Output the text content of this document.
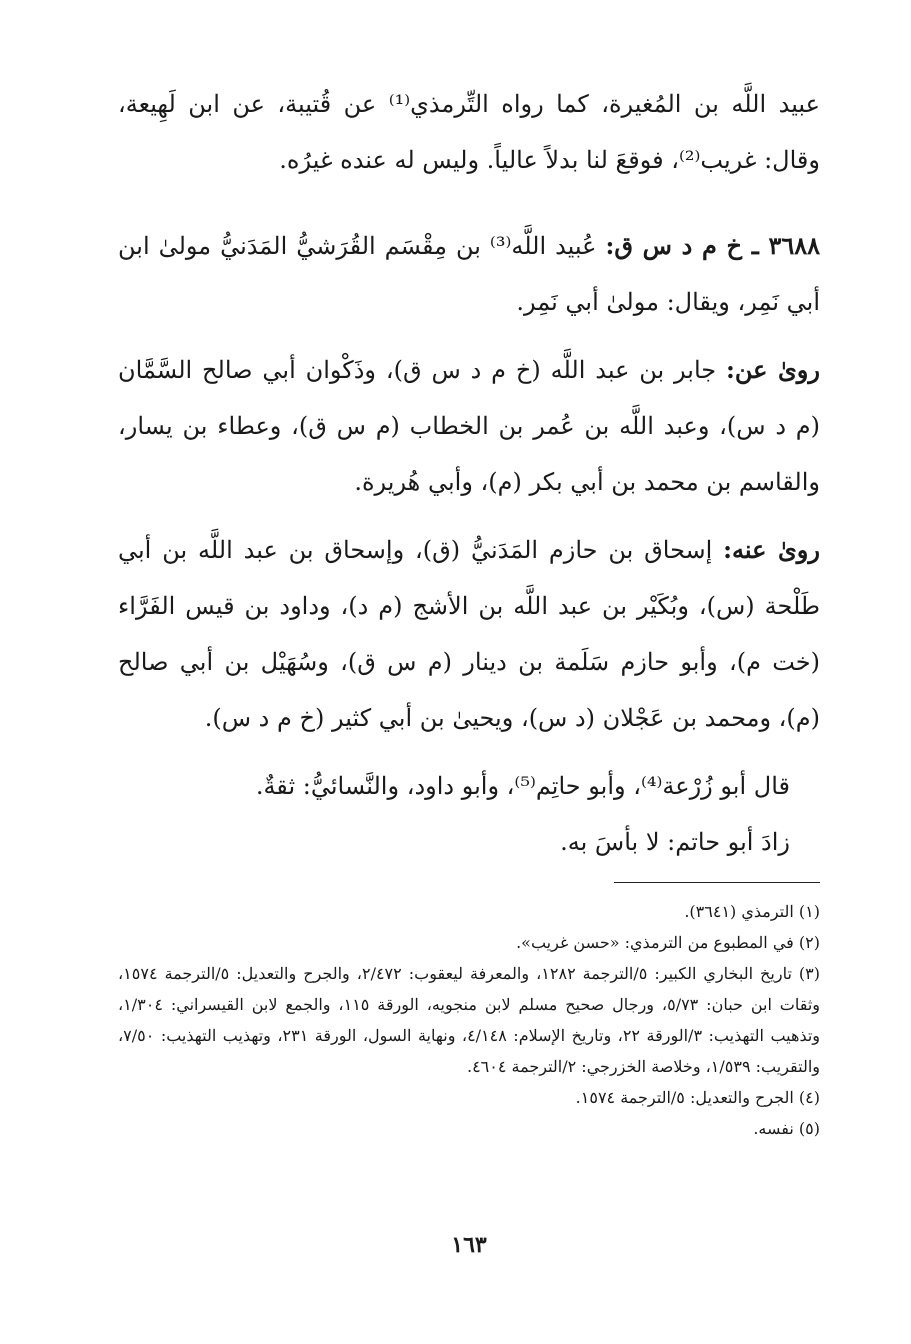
عبيد اللَّه بن المُغيرة، كما رواه التِّرمذي⁽¹⁾ عن قُتيبة، عن ابن لَهِيعة، وقال: غريب⁽²⁾، فوقعَ لنا بدلاً عالياً. وليس له عنده غيرُه.

٣٦٨٨ ـ خ م د س ق: عُبيد اللَّه⁽³⁾ بن مِقْسَم القُرَشيُّ المَدَنيُّ مولىٰ ابن أبي نَمِر، ويقال: مولىٰ أبي نَمِر.

روىٰ عن: جابر بن عبد اللَّه (خ م د س ق)، وذَكْوان أبي صالح السَّمَّان (م د س)، وعبد اللَّه بن عُمر بن الخطاب (م س ق)، وعطاء بن يسار، والقاسم بن محمد بن أبي بكر (م)، وأبي هُريرة.

روىٰ عنه: إسحاق بن حازم المَدَنيُّ (ق)، وإسحاق بن عبد اللَّه بن أبي طَلْحة (س)، وبُكَيْر بن عبد اللَّه بن الأشج (م د)، وداود بن قيس الفَرَّاء (خت م)، وأبو حازم سَلَمة بن دينار (م س ق)، وسُهَيْل بن أبي صالح (م)، ومحمد بن عَجْلان (د س)، ويحيىٰ بن أبي كثير (خ م د س).

قال أبو زُرْعة⁽⁴⁾، وأبو حاتِم⁽⁵⁾، وأبو داود، والنَّسائيُّ: ثقةٌ.

زادَ أبو حاتم: لا بأسَ به.

(١) الترمذي (٣٦٤١).

(٢) في المطبوع من الترمذي: «حسن غريب».

(٣) تاريخ البخاري الكبير: ٥/الترجمة ١٢٨٢، والمعرفة ليعقوب: ٢/٤٧٢، والجرح والتعديل: ٥/الترجمة ١٥٧٤، وثقات ابن حبان: ٥/٧٣، ورجال صحيح مسلم لابن منجويه، الورقة ١١٥، والجمع لابن القيسراني: ١/٣٠٤، وتذهيب التهذيب: ٣/الورقة ٢٢، وتاريخ الإسلام: ٤/١٤٨، ونهاية السول، الورقة ٢٣١، وتهذيب التهذيب: ٧/٥٠، والتقريب: ١/٥٣٩، وخلاصة الخزرجي: ٢/الترجمة ٤٦٠٤.

(٤) الجرح والتعديل: ٥/الترجمة ١٥٧٤.

(٥) نفسه.

١٦٣
